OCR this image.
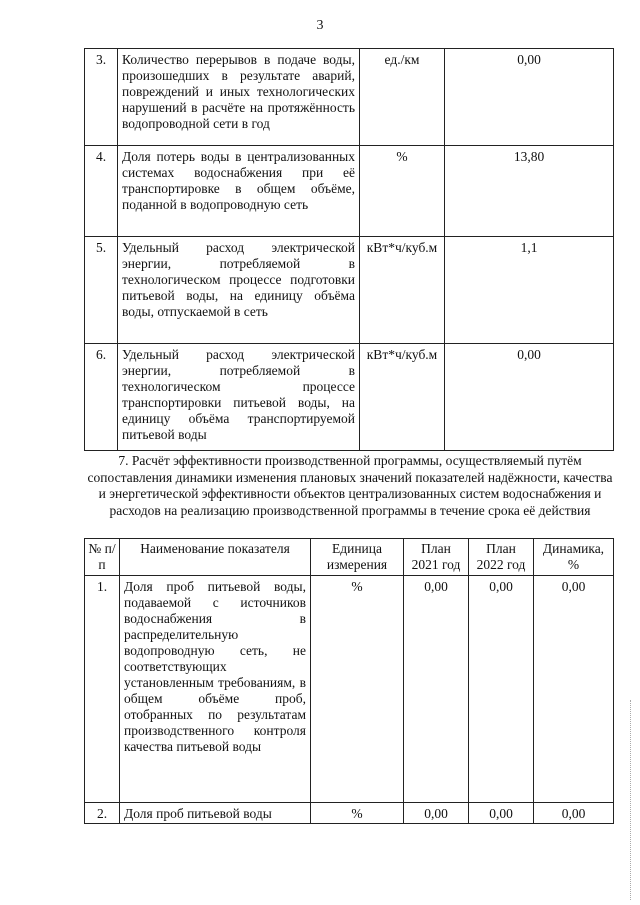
3
3.	Количество перерывов в подаче воды, произошедших в результате аварий, повреждений и иных технологических нарушений в расчёте на протяжённость водопроводной сети в год	ед./км	0,00
4.	Доля потерь воды в централизованных системах водоснабжения при её транспортировке в общем объёме, поданной в водопроводную сеть	%	13,80
5.	Удельный расход электрической энергии, потребляемой в технологическом процессе подготовки питьевой воды, на единицу объёма воды, отпускаемой в сеть	кВт*ч/куб.м	1,1
6.	Удельный расход электрической энергии, потребляемой в технологическом процессе транспортировки питьевой воды, на единицу объёма транспортируемой питьевой воды	кВт*ч/куб.м	0,00
7. Расчёт эффективности производственной программы, осуществляемый путём сопоставления динамики изменения плановых значений показателей надёжности, качества и энергетической эффективности объектов централизованных систем водоснабжения и расходов на реализацию производственной программы в течение срока её действия
№ п/п	Наименование показателя	Единица измерения	План 2021 год	План 2022 год	Динамика, %
1.	Доля проб питьевой воды, подаваемой с источников водоснабжения в распределительную водопроводную сеть, не соответствующих установленным требованиям, в общем объёме проб, отобранных по результатам производственного контроля качества питьевой воды	%	0,00	0,00	0,00
2.	Доля проб питьевой воды	%	0,00	0,00	0,00
